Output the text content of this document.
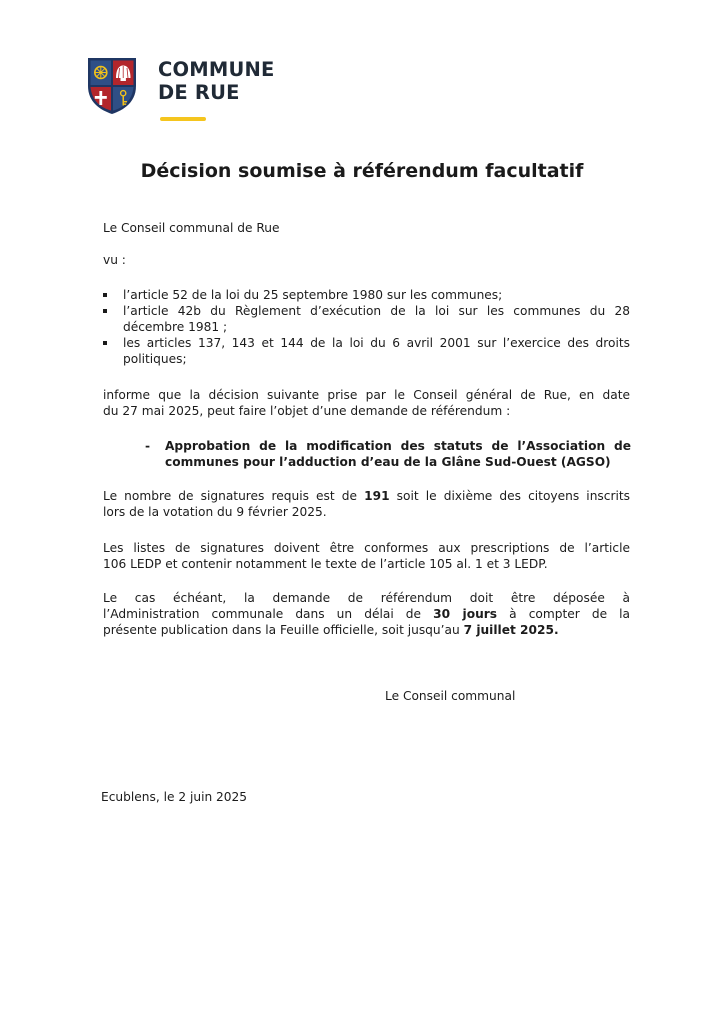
COMMUNE
DE RUE
Décision soumise à référendum facultatif
Le Conseil communal de Rue
vu :
l’article 52 de la loi du 25 septembre 1980 sur les communes;
l’article 42b du Règlement d’exécution de la loi sur les communes du 28
décembre 1981 ;
les articles 137, 143 et 144 de la loi du 6 avril 2001 sur l’exercice des droits
politiques;
informe que la décision suivante prise par le Conseil général de Rue, en date
du 27 mai 2025, peut faire l’objet d’une demande de référendum :
- Approbation de la modification des statuts de l’Association de
communes pour l’adduction d’eau de la Glâne Sud-Ouest (AGSO)
Le nombre de signatures requis est de 191 soit le dixième des citoyens inscrits
lors de la votation du 9 février 2025.
Les listes de signatures doivent être conformes aux prescriptions de l’article
106 LEDP et contenir notamment le texte de l’article 105 al. 1 et 3 LEDP.
Le cas échéant, la demande de référendum doit être déposée à
l’Administration communale dans un délai de 30 jours à compter de la
présente publication dans la Feuille officielle, soit jusqu’au 7 juillet 2025.
Le Conseil communal
Ecublens, le 2 juin 2025
